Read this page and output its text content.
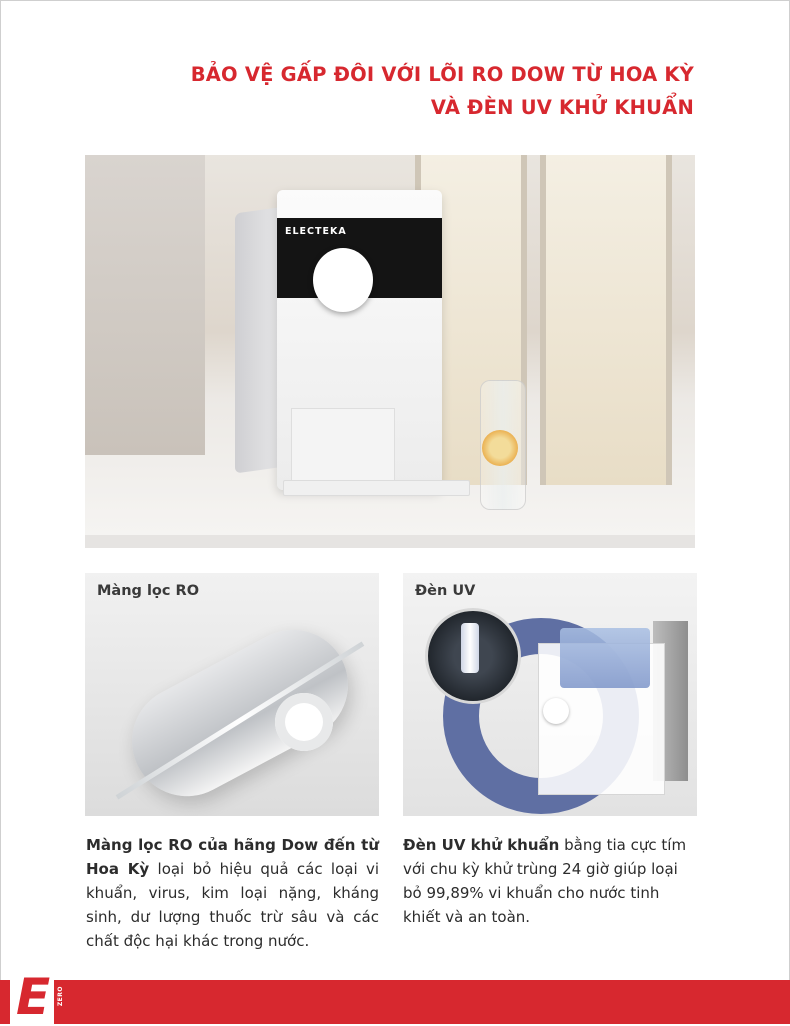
BẢO VỆ GẤP ĐÔI VỚI LÕI RO DOW TỪ HOA KỲ
VÀ ĐÈN UV KHỬ KHUẨN
ELECTEKA
Màng lọc RO	Đèn UV
Màng lọc RO của hãng Dow đến từ Hoa Kỳ loại bỏ hiệu quả các loại vi khuẩn, virus, kim loại nặng, kháng sinh, dư lượng thuốc trừ sâu và các chất độc hại khác trong nước.
Đèn UV khử khuẩn bằng tia cực tím với chu kỳ khử trùng 24 giờ giúp loại bỏ 99,89% vi khuẩn cho nước tinh khiết và an toàn.
E ZERO
